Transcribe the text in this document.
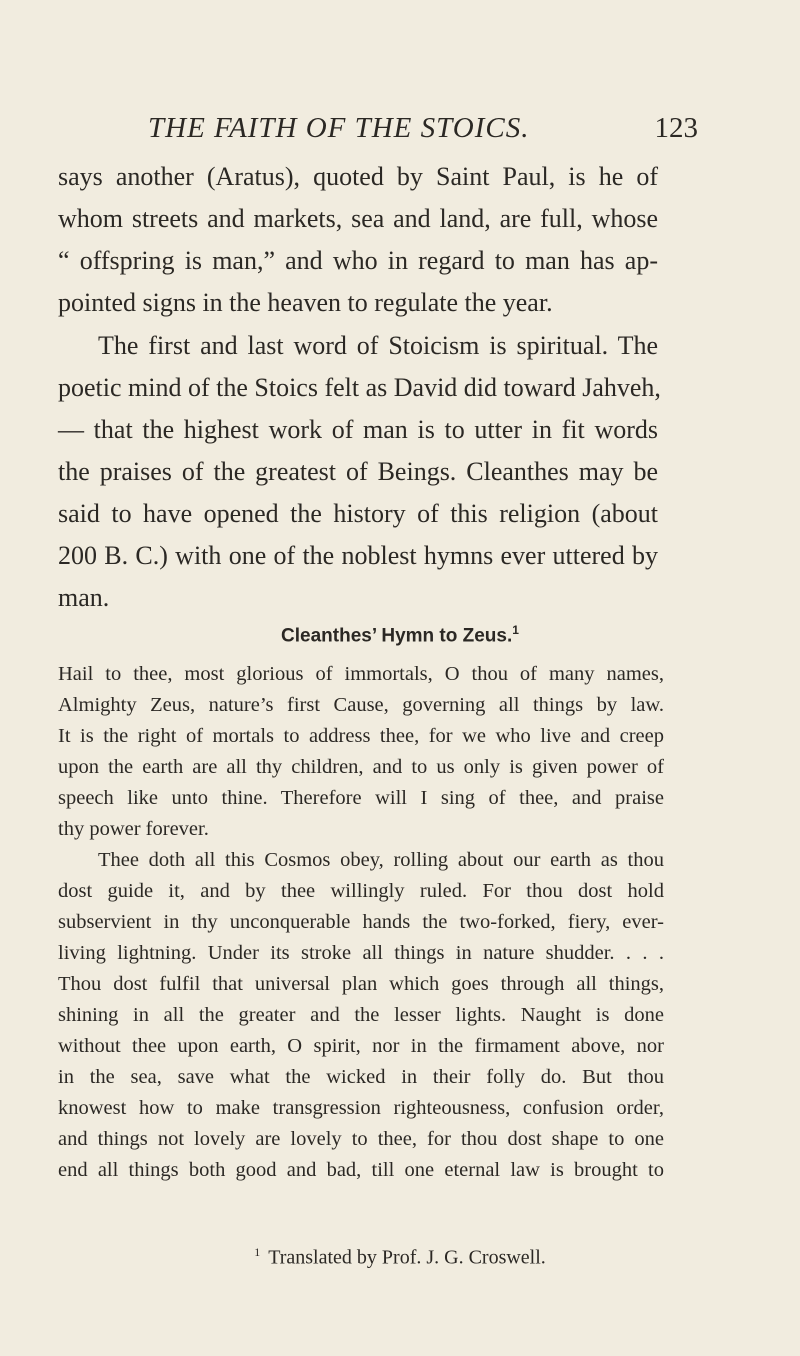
THE FAITH OF THE STOICS.	123
says another (Aratus), quoted by Saint Paul, is he of
whom streets and markets, sea and land, are full, whose
“ offspring is man,” and who in regard to man has ap-
pointed signs in the heaven to regulate the year.
The first and last word of Stoicism is spiritual. The
poetic mind of the Stoics felt as David did toward Jahveh,
— that the highest work of man is to utter in fit words
the praises of the greatest of Beings. Cleanthes may be
said to have opened the history of this religion (about
200 B. C.) with one of the noblest hymns ever uttered by
man.
Cleanthes’ Hymn to Zeus.$^1$
Hail to thee, most glorious of immortals, O thou of many names,
Almighty Zeus, nature’s first Cause, governing all things by law.
It is the right of mortals to address thee, for we who live and creep
upon the earth are all thy children, and to us only is given power of
speech like unto thine. Therefore will I sing of thee, and praise
thy power forever.
Thee doth all this Cosmos obey, rolling about our earth as thou
dost guide it, and by thee willingly ruled. For thou dost hold
subservient in thy unconquerable hands the two-forked, fiery, ever-
living lightning. Under its stroke all things in nature shudder. . . .
Thou dost fulfil that universal plan which goes through all things,
shining in all the greater and the lesser lights. Naught is done
without thee upon earth, O spirit, nor in the firmament above, nor
in the sea, save what the wicked in their folly do. But thou
knowest how to make transgression righteousness, confusion order,
and things not lovely are lovely to thee, for thou dost shape to one
end all things both good and bad, till one eternal law is brought to
$^1$ Translated by Prof. J. G. Croswell.
